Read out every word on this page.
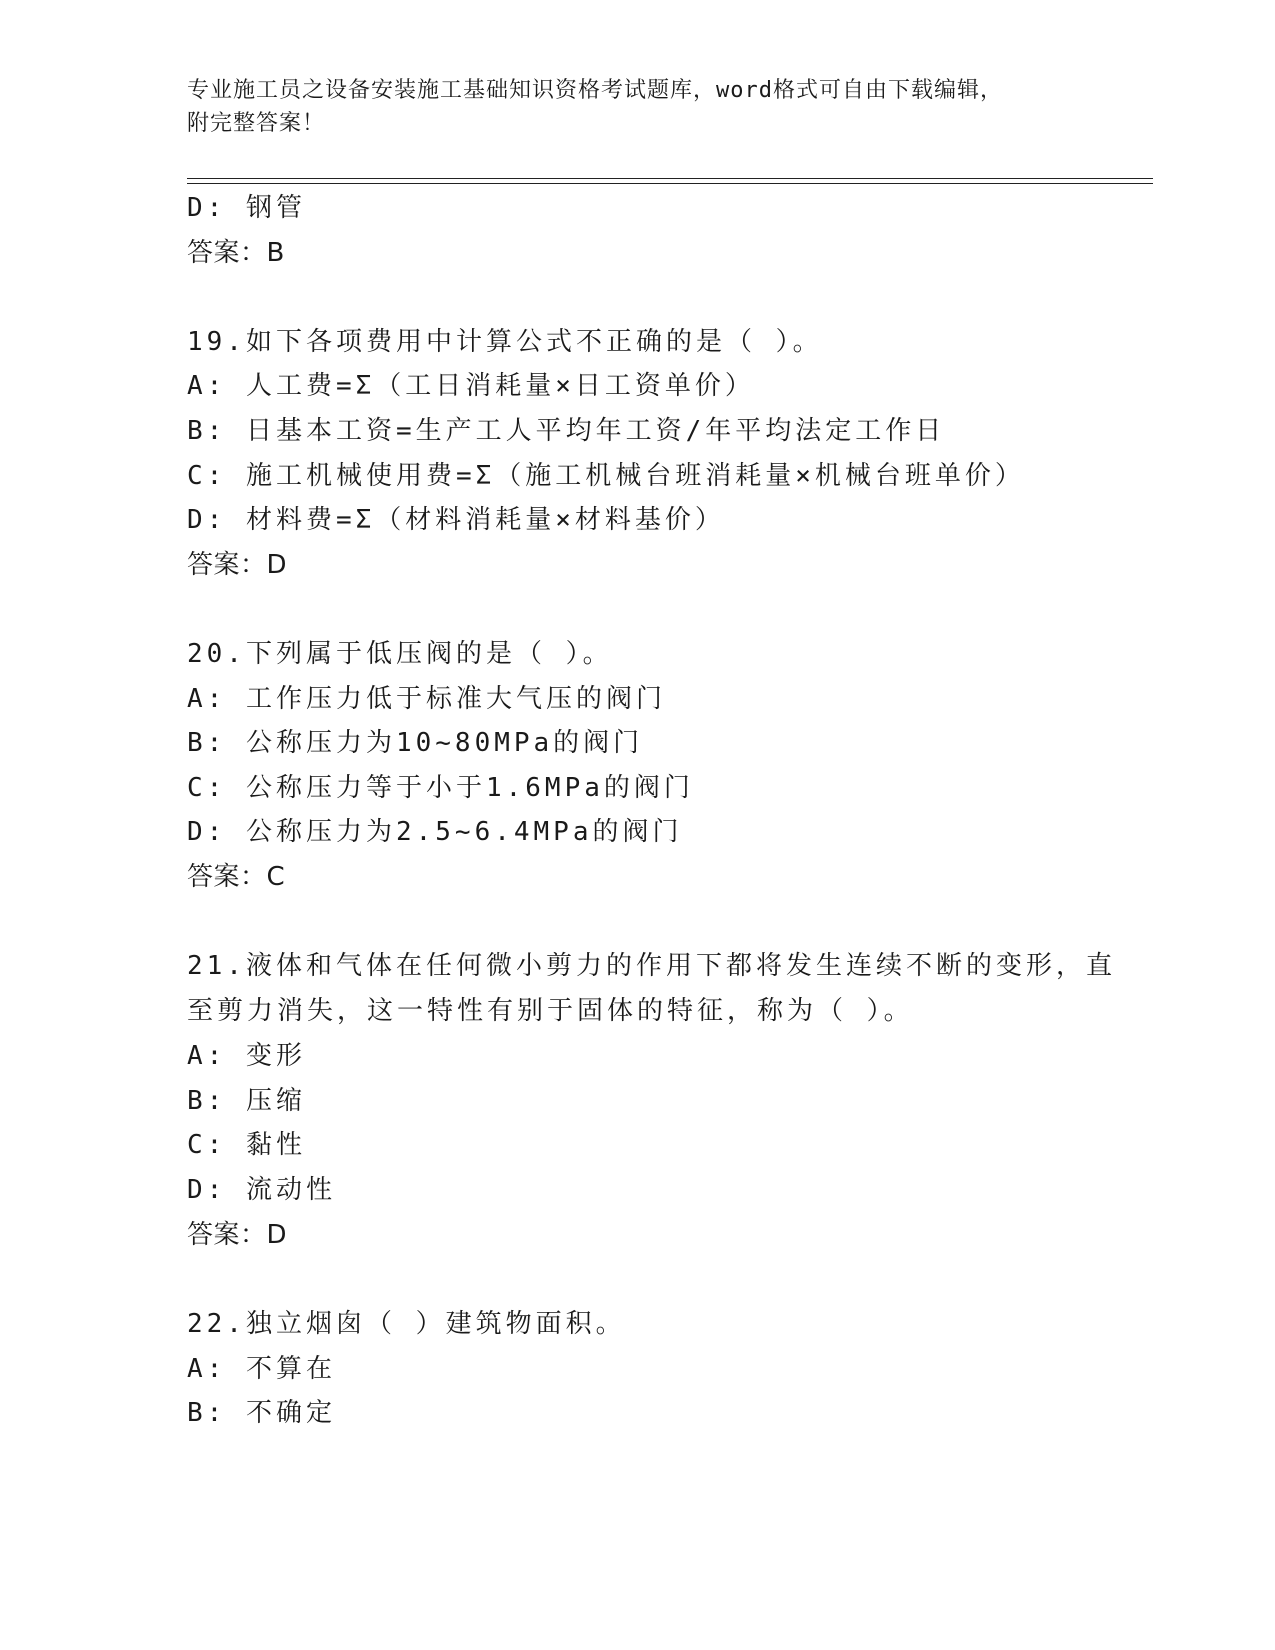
专业施工员之设备安装施工基础知识资格考试题库，word格式可自由下载编辑，
附完整答案！
D: 钢管
答案：B
19.如下各项费用中计算公式不正确的是（ ）。
A: 人工费=Σ（工日消耗量×日工资单价）
B: 日基本工资=生产工人平均年工资/年平均法定工作日
C: 施工机械使用费=Σ（施工机械台班消耗量×机械台班单价）
D: 材料费=Σ（材料消耗量×材料基价）
答案：D
20.下列属于低压阀的是（ ）。
A: 工作压力低于标准大气压的阀门
B: 公称压力为10~80MPa的阀门
C: 公称压力等于小于1.6MPa的阀门
D: 公称压力为2.5~6.4MPa的阀门
答案：C
21.液体和气体在任何微小剪力的作用下都将发生连续不断的变形，直
至剪力消失，这一特性有别于固体的特征，称为（ ）。
A: 变形
B: 压缩
C: 黏性
D: 流动性
答案：D
22.独立烟囱（ ）建筑物面积。
A: 不算在
B: 不确定
